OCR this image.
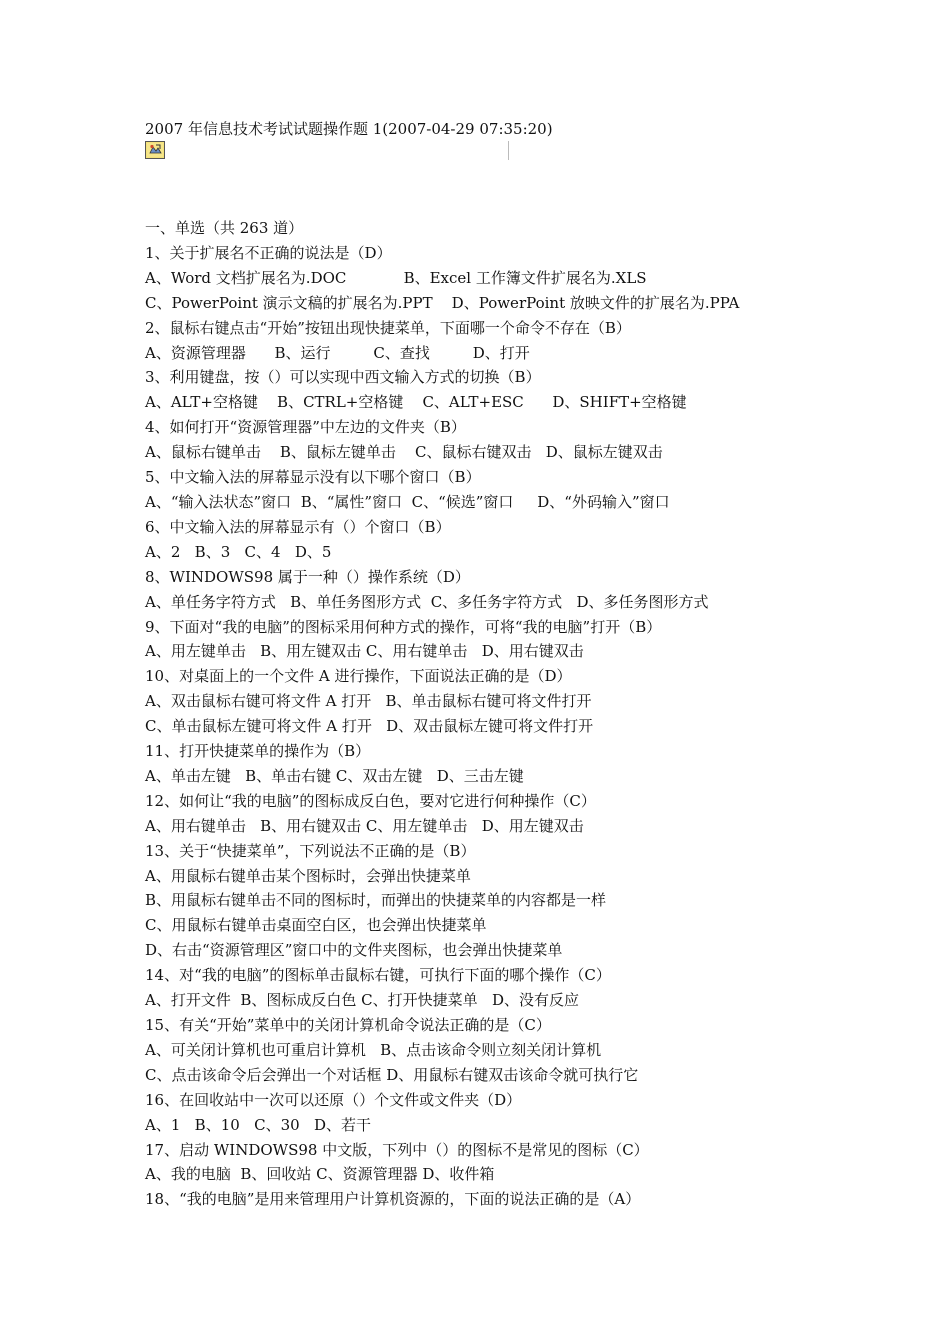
2007 年信息技术考试试题操作题 1(2007-04-29 07:35:20)
一、单选（共 263 道）
1、关于扩展名不正确的说法是（D）
A、Word 文档扩展名为.DOC            B、Excel 工作簿文件扩展名为.XLS
C、PowerPoint 演示文稿的扩展名为.PPT    D、PowerPoint 放映文件的扩展名为.PPA
2、鼠标右键点击“开始”按钮出现快捷菜单，下面哪一个命令不存在（B）
A、资源管理器      B、运行         C、查找         D、打开
3、利用键盘，按（）可以实现中西文输入方式的切换（B）
A、ALT+空格键    B、CTRL+空格键    C、ALT+ESC      D、SHIFT+空格键
4、如何打开“资源管理器”中左边的文件夹（B）
A、鼠标右键单击    B、鼠标左键单击    C、鼠标右键双击   D、鼠标左键双击
5、中文输入法的屏幕显示没有以下哪个窗口（B）
A、“输入法状态”窗口  B、“属性”窗口  C、“候选”窗口     D、“外码输入”窗口
6、中文输入法的屏幕显示有（）个窗口（B）
A、2   B、3   C、4   D、5
8、WINDOWS98 属于一种（）操作系统（D）
A、单任务字符方式   B、单任务图形方式  C、多任务字符方式   D、多任务图形方式
9、下面对“我的电脑”的图标采用何种方式的操作，可将“我的电脑”打开（B）
A、用左键单击   B、用左键双击 C、用右键单击   D、用右键双击
10、对桌面上的一个文件 A 进行操作，下面说法正确的是（D）
A、双击鼠标右键可将文件 A 打开   B、单击鼠标右键可将文件打开
C、单击鼠标左键可将文件 A 打开   D、双击鼠标左键可将文件打开
11、打开快捷菜单的操作为（B）
A、单击左键   B、单击右键 C、双击左键   D、三击左键
12、如何让“我的电脑”的图标成反白色，要对它进行何种操作（C）
A、用右键单击   B、用右键双击 C、用左键单击   D、用左键双击
13、关于“快捷菜单”，下列说法不正确的是（B）
A、用鼠标右键单击某个图标时，会弹出快捷菜单
B、用鼠标右键单击不同的图标时，而弹出的快捷菜单的内容都是一样
C、用鼠标右键单击桌面空白区，也会弹出快捷菜单
D、右击“资源管理区”窗口中的文件夹图标，也会弹出快捷菜单
14、对“我的电脑”的图标单击鼠标右键，可执行下面的哪个操作（C）
A、打开文件  B、图标成反白色 C、打开快捷菜单   D、没有反应
15、有关“开始”菜单中的关闭计算机命令说法正确的是（C）
A、可关闭计算机也可重启计算机   B、点击该命令则立刻关闭计算机
C、点击该命令后会弹出一个对话框 D、用鼠标右键双击该命令就可执行它
16、在回收站中一次可以还原（）个文件或文件夹（D）
A、1   B、10   C、30   D、若干
17、启动 WINDOWS98 中文版，下列中（）的图标不是常见的图标（C）
A、我的电脑  B、回收站 C、资源管理器 D、收件箱
18、“我的电脑”是用来管理用户计算机资源的，下面的说法正确的是（A）
